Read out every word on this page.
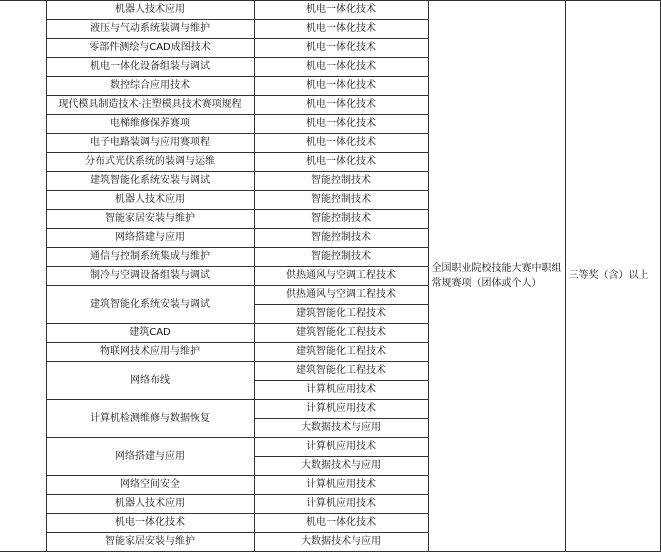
	机器人技术应用	机电一体化技术	全国职业院校技能大赛中职组常规赛项（团体或个人）	三等奖（含）以上
	液压与气动系统装调与维护	机电一体化技术		
	零部件测绘与CAD成图技术	机电一体化技术		
	机电一体化设备组装与调试	机电一体化技术		
	数控综合应用技术	机电一体化技术		
	现代模具制造技术·注塑模具技术赛项规程	机电一体化技术		
	电梯维修保养赛项	机电一体化技术		
	电子电路装调与应用赛项程	机电一体化技术		
	分布式光伏系统的装调与运维	机电一体化技术		
	建筑智能化系统安装与调试	智能控制技术		
	机器人技术应用	智能控制技术		
	智能家居安装与维护	智能控制技术		
	网络搭建与应用	智能控制技术		
	通信与控制系统集成与维护	智能控制技术		
	制冷与空调设备组装与调试	供热通风与空调工程技术		
	建筑智能化系统安装与调试	供热通风与空调工程技术		
		建筑智能化工程技术		
	建筑CAD	建筑智能化工程技术		
	物联网技术应用与维护	建筑智能化工程技术		
	网络布线	建筑智能化工程技术		
		计算机应用技术		
	计算机检测维修与数据恢复	计算机应用技术		
		大数据技术与应用		
	网络搭建与应用	计算机应用技术		
		大数据技术与应用		
	网络空间安全	计算机应用技术		
	机器人技术应用	计算机应用技术		
	机电一体化技术	机电一体化技术		
	智能家居安装与维护	大数据技术与应用		
